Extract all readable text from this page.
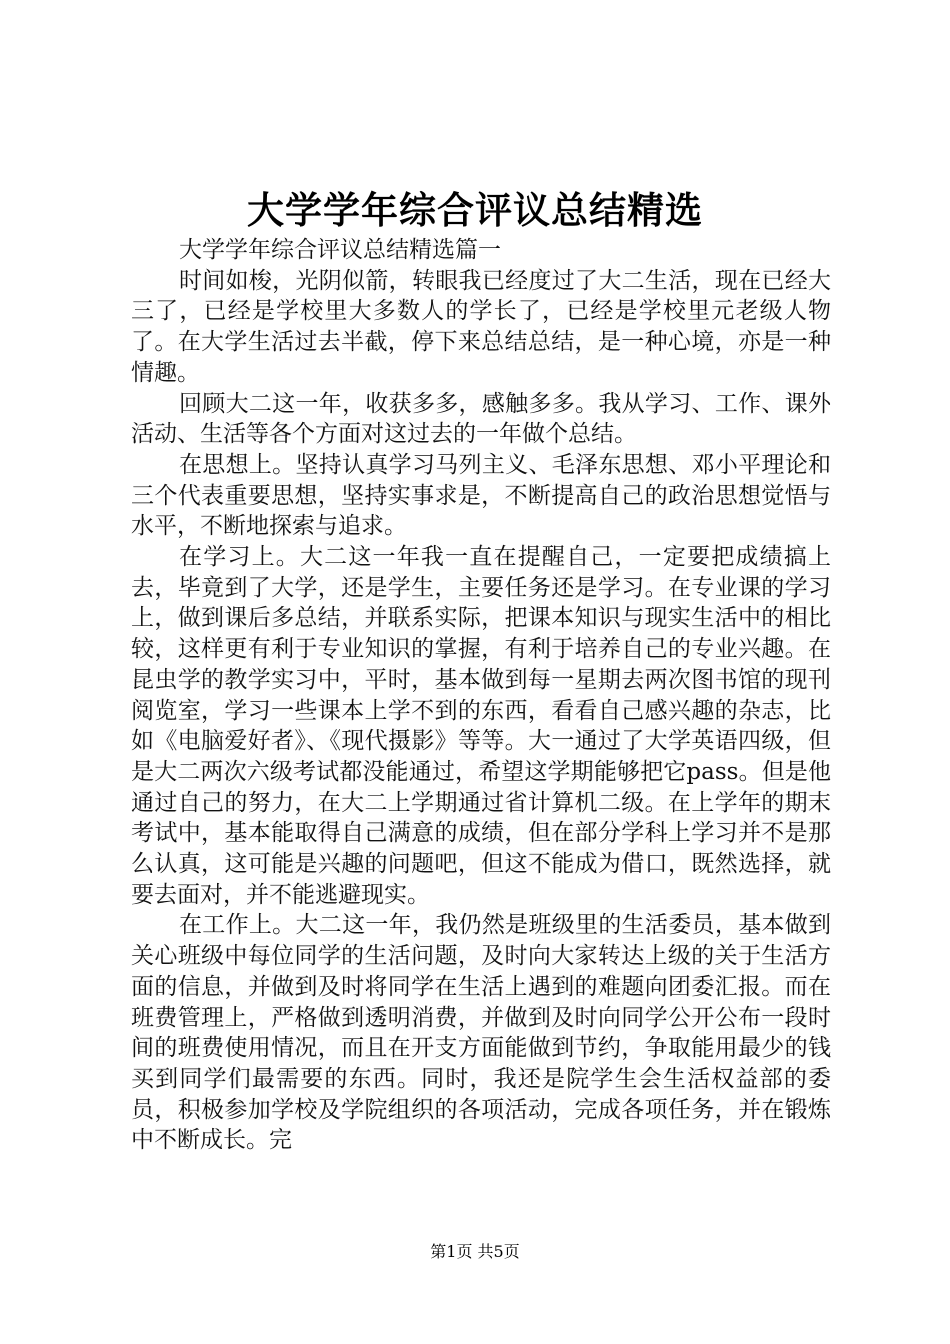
大学学年综合评议总结精选

大学学年综合评议总结精选篇一

时间如梭，光阴似箭，转眼我已经度过了大二生活，现在已经大三了，已经是学校里大多数人的学长了，已经是学校里元老级人物了。在大学生活过去半截，停下来总结总结，是一种心境，亦是一种情趣。

回顾大二这一年，收获多多，感触多多。我从学习、工作、课外活动、生活等各个方面对这过去的一年做个总结。

在思想上。坚持认真学习马列主义、毛泽东思想、邓小平理论和三个代表重要思想，坚持实事求是，不断提高自己的政治思想觉悟与水平，不断地探索与追求。

在学习上。大二这一年我一直在提醒自己，一定要把成绩搞上去，毕竟到了大学，还是学生，主要任务还是学习。在专业课的学习上，做到课后多总结，并联系实际，把课本知识与现实生活中的相比较，这样更有利于专业知识的掌握，有利于培养自己的专业兴趣。在昆虫学的教学实习中，平时，基本做到每一星期去两次图书馆的现刊阅览室，学习一些课本上学不到的东西，看看自己感兴趣的杂志，比如《电脑爱好者》、《现代摄影》等等。大一通过了大学英语四级，但是大二两次六级考试都没能通过，希望这学期能够把它pass。但是他通过自己的努力，在大二上学期通过省计算机二级。在上学年的期末考试中，基本能取得自己满意的成绩，但在部分学科上学习并不是那么认真，这可能是兴趣的问题吧，但这不能成为借口，既然选择，就要去面对，并不能逃避现实。

在工作上。大二这一年，我仍然是班级里的生活委员，基本做到关心班级中每位同学的生活问题，及时向大家转达上级的关于生活方面的信息，并做到及时将同学在生活上遇到的难题向团委汇报。而在班费管理上，严格做到透明消费，并做到及时向同学公开公布一段时间的班费使用情况，而且在开支方面能做到节约，争取能用最少的钱买到同学们最需要的东西。同时，我还是院学生会生活权益部的委员，积极参加学校及学院组织的各项活动，完成各项任务，并在锻炼中不断成长。完

第1页 共5页
